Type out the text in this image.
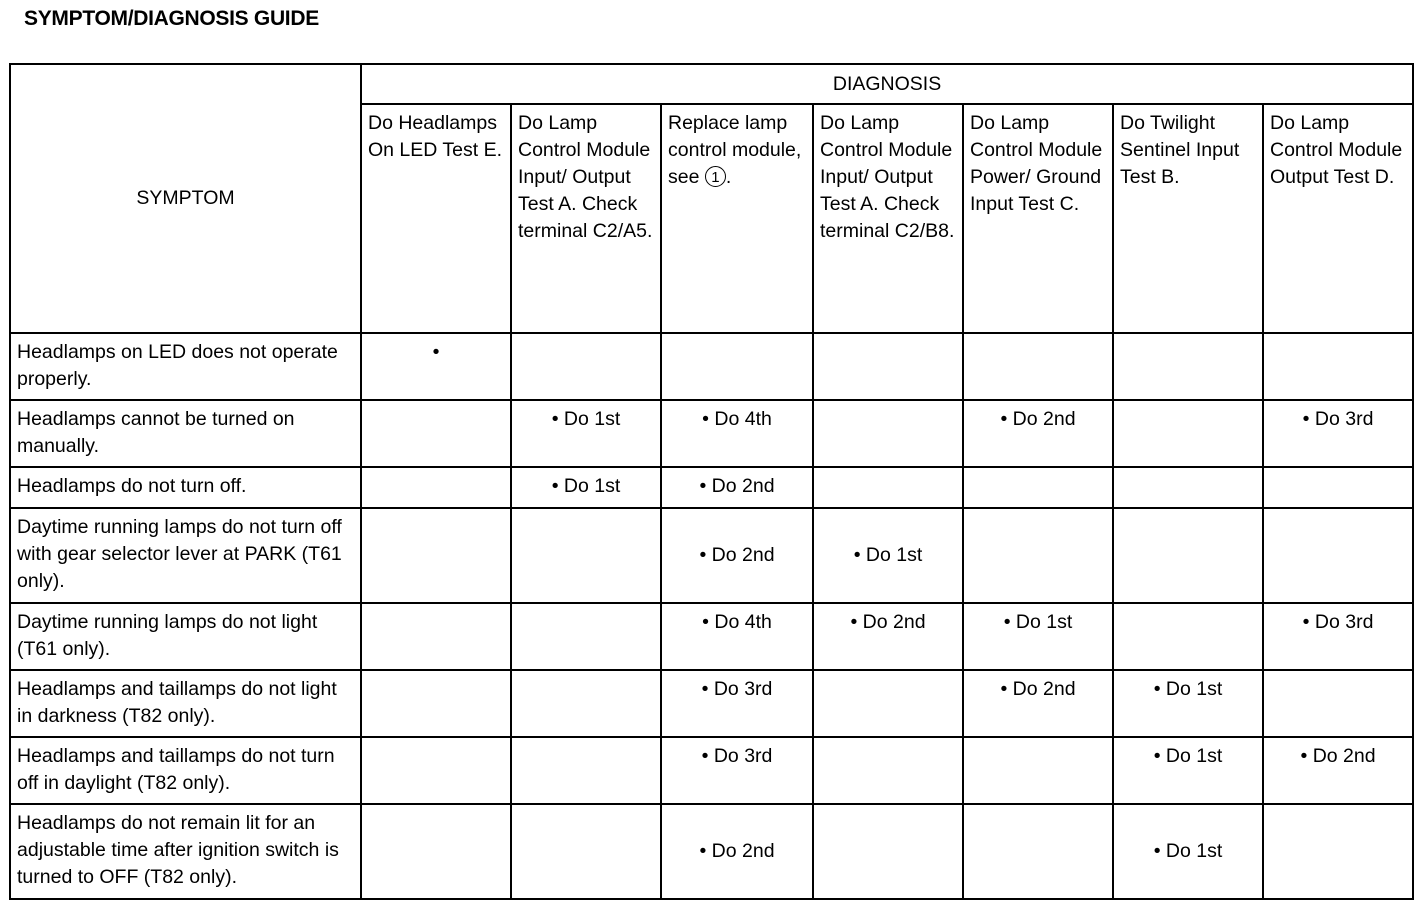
SYMPTOM/DIAGNOSIS GUIDE
SYMPTOM	DIAGNOSIS						
	Do Headlamps On LED Test E.	Do Lamp Control Module Input/ Output Test A. Check terminal C2/A5.	Replace lamp control module, see 1 .	Do Lamp Control Module Input/ Output Test A. Check terminal C2/B8.	Do Lamp Control Module Power/ Ground Input Test C.	Do Twilight Sentinel Input Test B.	Do Lamp Control Module Output Test D.
Headlamps on LED does not operate properly.	•						
Headlamps cannot be turned on manually.		• Do 1st	• Do 4th		• Do 2nd		• Do 3rd
Headlamps do not turn off.		• Do 1st	• Do 2nd				
Daytime running lamps do not turn off with gear selector lever at PARK (T61 only).			• Do 2nd	• Do 1st			
Daytime running lamps do not light (T61 only).			• Do 4th	• Do 2nd	• Do 1st		• Do 3rd
Headlamps and taillamps do not light in darkness (T82 only).			• Do 3rd		• Do 2nd	• Do 1st	
Headlamps and taillamps do not turn off in daylight (T82 only).			• Do 3rd			• Do 1st	• Do 2nd
Headlamps do not remain lit for an adjustable time after ignition switch is turned to OFF (T82 only).			• Do 2nd			• Do 1st	
